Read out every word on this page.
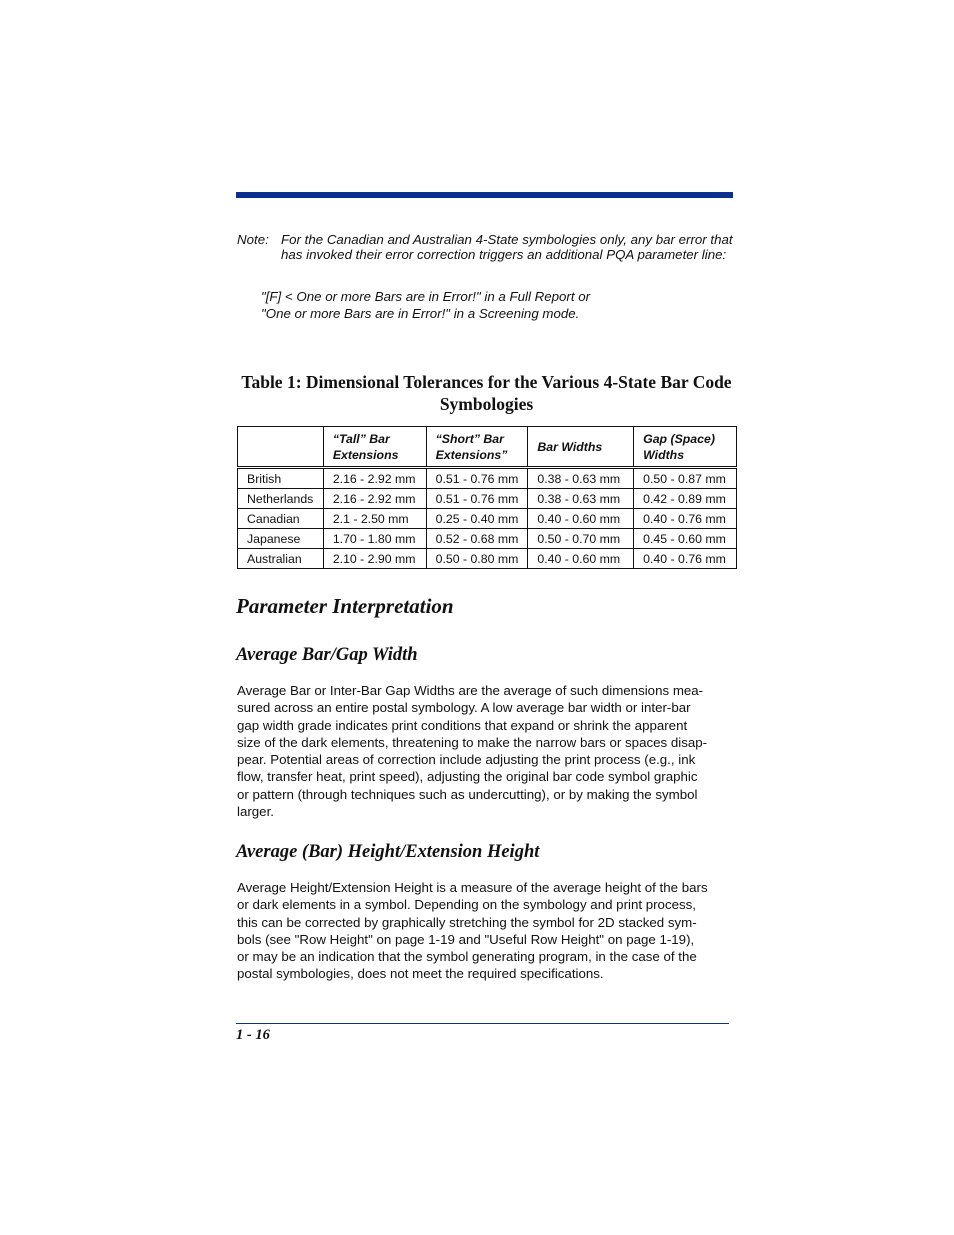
Note: For the Canadian and Australian 4-State symbologies only, any bar error that has invoked their error correction triggers an additional PQA parameter line:
"[F] < One or more Bars are in Error!" in a Full Report or
"One or more Bars are in Error!" in a Screening mode.
Table 1: Dimensional Tolerances for the Various 4-State Bar Code Symbologies
	“Tall” Bar Extensions	“Short” Bar Extensions”	Bar Widths	Gap (Space) Widths
British	2.16 - 2.92 mm	0.51 - 0.76 mm	0.38 - 0.63 mm	0.50 - 0.87 mm
Netherlands	2.16 - 2.92 mm	0.51 - 0.76 mm	0.38 - 0.63 mm	0.42 - 0.89 mm
Canadian	2.1 - 2.50 mm	0.25 - 0.40 mm	0.40 - 0.60 mm	0.40 - 0.76 mm
Japanese	1.70 - 1.80 mm	0.52 - 0.68 mm	0.50 - 0.70 mm	0.45 - 0.60 mm
Australian	2.10 - 2.90 mm	0.50 - 0.80 mm	0.40 - 0.60 mm	0.40 - 0.76 mm
Parameter Interpretation
Average Bar/Gap Width
Average Bar or Inter-Bar Gap Widths are the average of such dimensions mea-
sured across an entire postal symbology. A low average bar width or inter-bar
gap width grade indicates print conditions that expand or shrink the apparent
size of the dark elements, threatening to make the narrow bars or spaces disap-
pear. Potential areas of correction include adjusting the print process (e.g., ink
flow, transfer heat, print speed), adjusting the original bar code symbol graphic
or pattern (through techniques such as undercutting), or by making the symbol
larger.
Average (Bar) Height/Extension Height
Average Height/Extension Height is a measure of the average height of the bars
or dark elements in a symbol. Depending on the symbology and print process,
this can be corrected by graphically stretching the symbol for 2D stacked sym-
bols (see "Row Height" on page 1-19 and "Useful Row Height" on page 1-19),
or may be an indication that the symbol generating program, in the case of the
postal symbologies, does not meet the required specifications.
1 - 16
